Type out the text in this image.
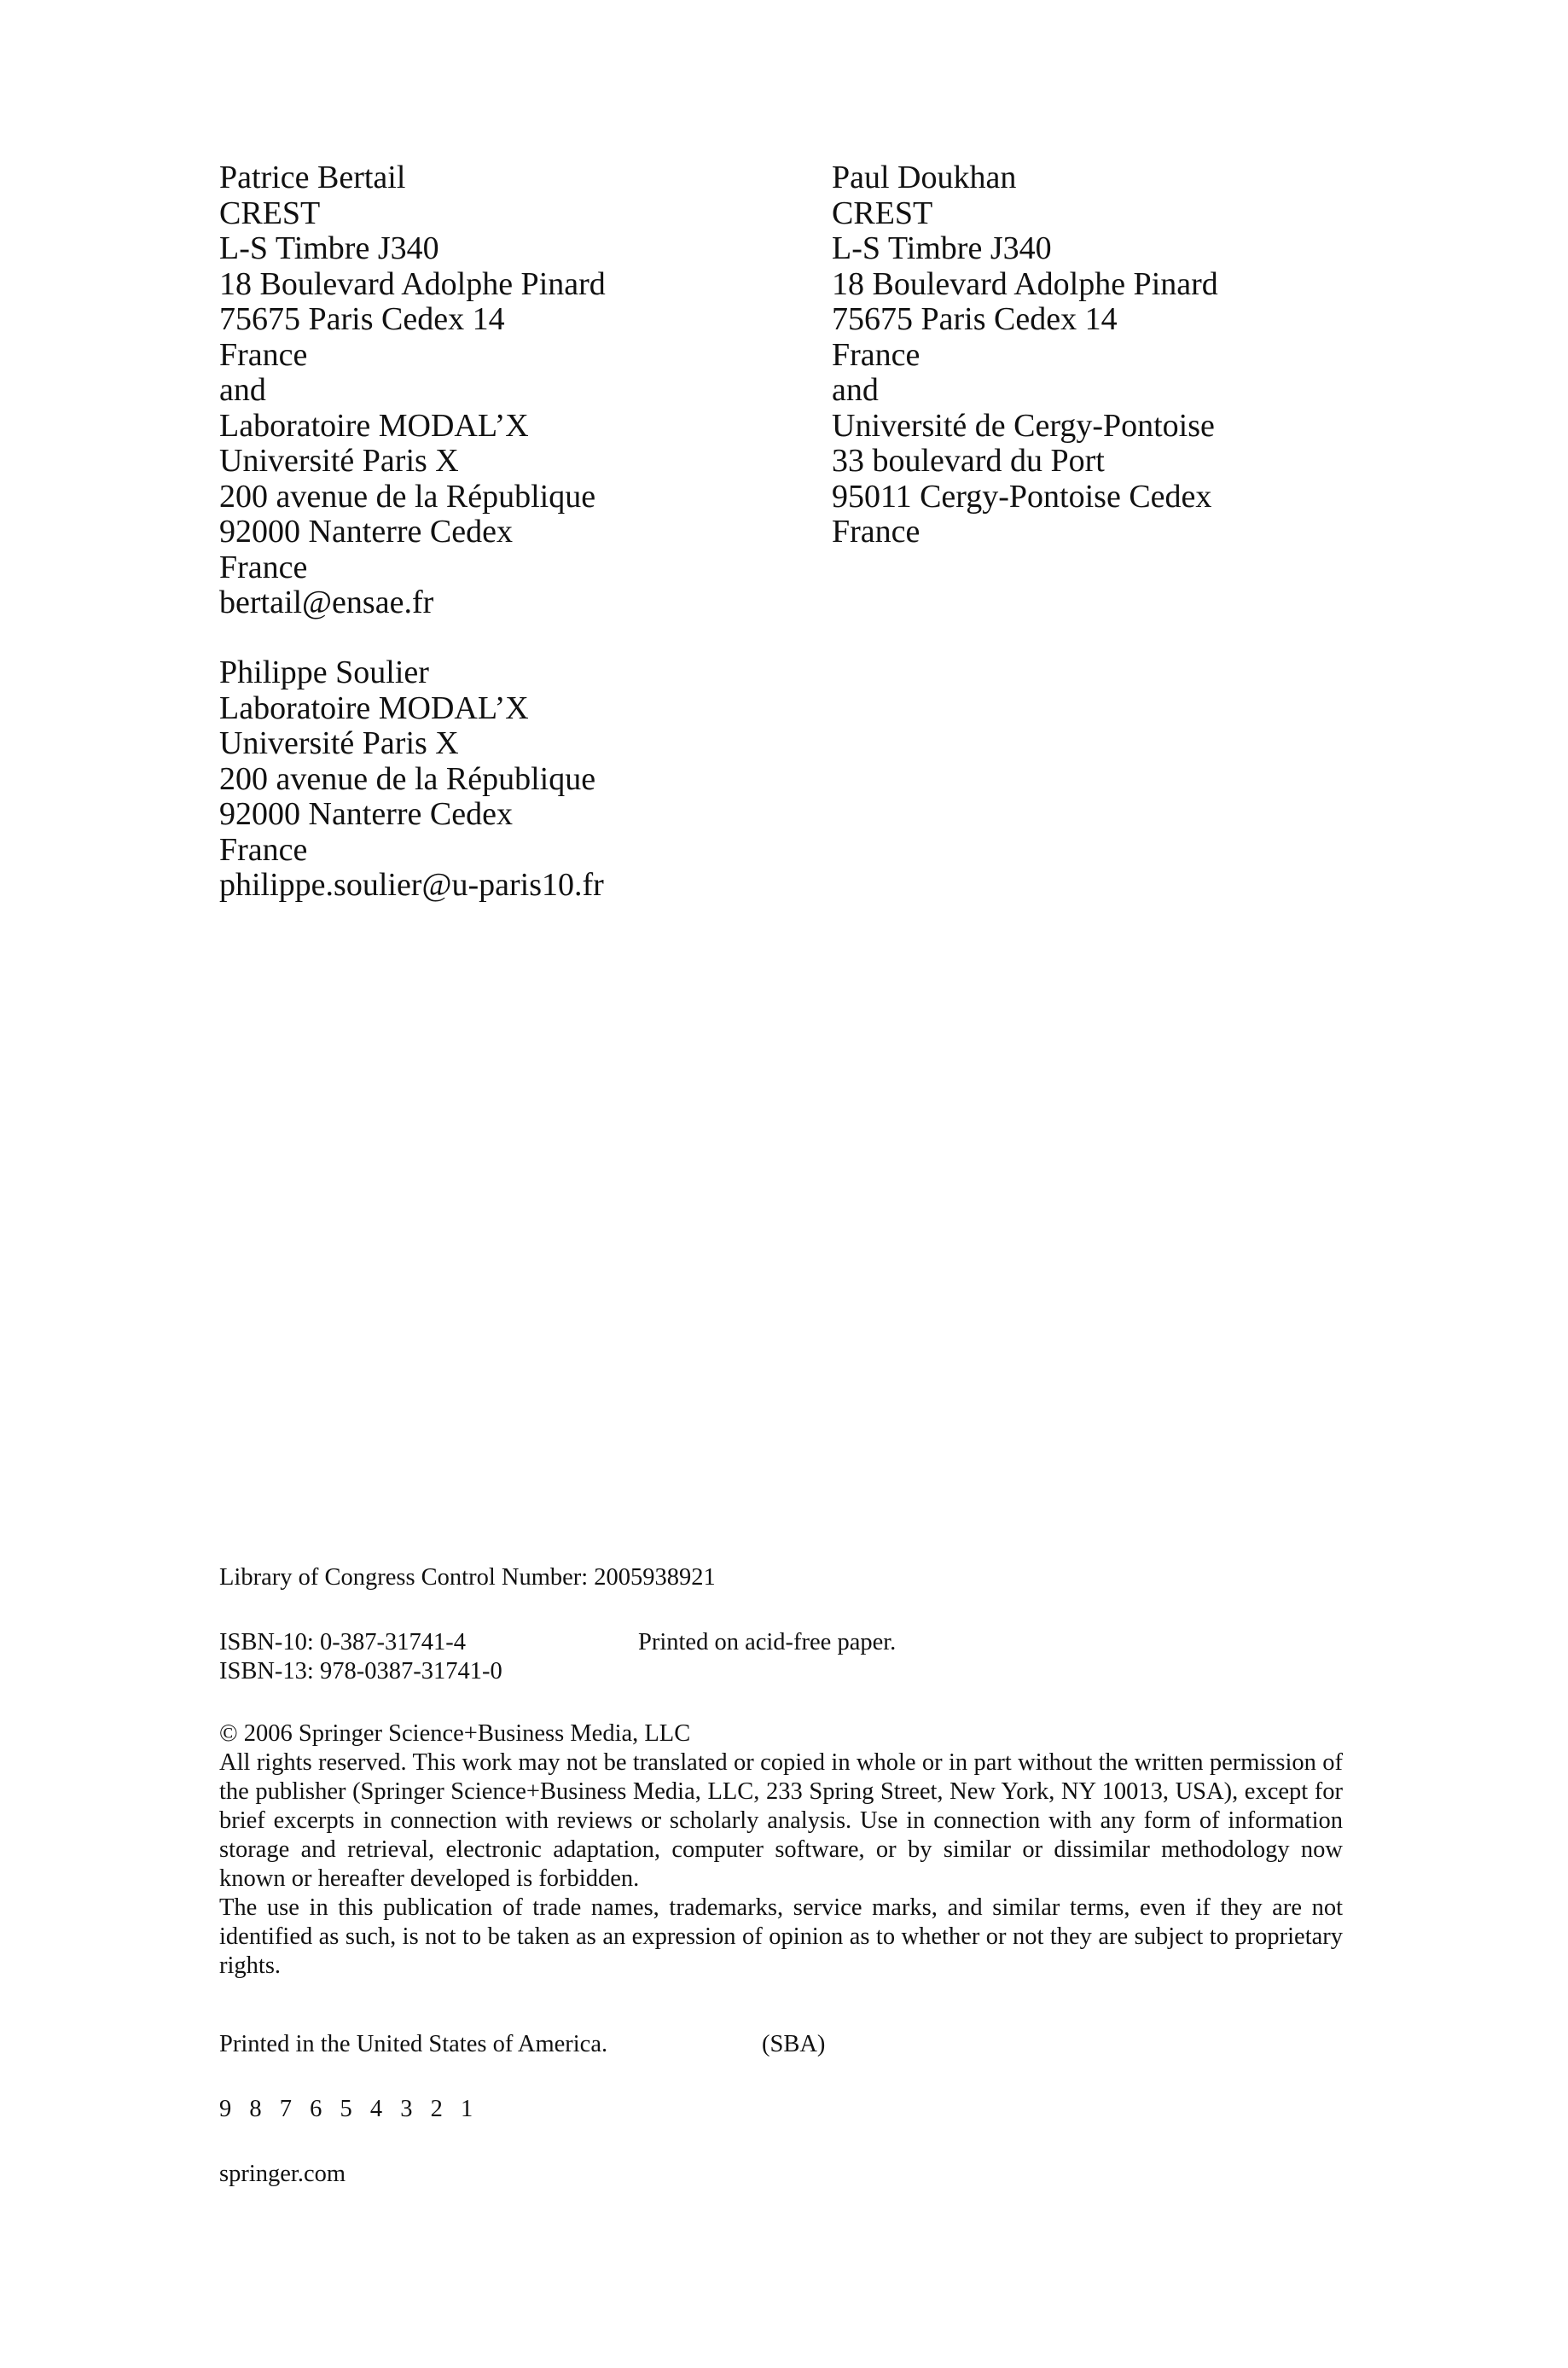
Patrice Bertail
CREST
L-S Timbre J340
18 Boulevard Adolphe Pinard
75675 Paris Cedex 14
France
and
Laboratoire MODAL’X
Université Paris X
200 avenue de la République
92000 Nanterre Cedex
France
bertail@ensae.fr
Paul Doukhan
CREST
L-S Timbre J340
18 Boulevard Adolphe Pinard
75675 Paris Cedex 14
France
and
Université de Cergy-Pontoise
33 boulevard du Port
95011 Cergy-Pontoise Cedex
France
Philippe Soulier
Laboratoire MODAL’X
Université Paris X
200 avenue de la République
92000 Nanterre Cedex
France
philippe.soulier@u-paris10.fr
Library of Congress Control Number: 2005938921
ISBN-10: 0-387-31741-4
ISBN-13: 978-0387-31741-0
Printed on acid-free paper.

© 2006 Springer Science+Business Media, LLC

All rights reserved. This work may not be translated or copied in whole or in part without the written permission of the publisher (Springer Science+Business Media, LLC, 233 Spring Street, New York, NY 10013, USA), except for brief excerpts in connection with reviews or scholarly analysis. Use in connection with any form of information storage and retrieval, electronic adaptation, computer software, or by similar or dissimilar methodology now known or hereafter developed is forbidden.

The use in this publication of trade names, trademarks, service marks, and similar terms, even if they are not identified as such, is not to be taken as an expression of opinion as to whether or not they are subject to proprietary rights.

Printed in the United States of America.	(SBA)
9 8 7 6 5 4 3 2 1
springer.com
